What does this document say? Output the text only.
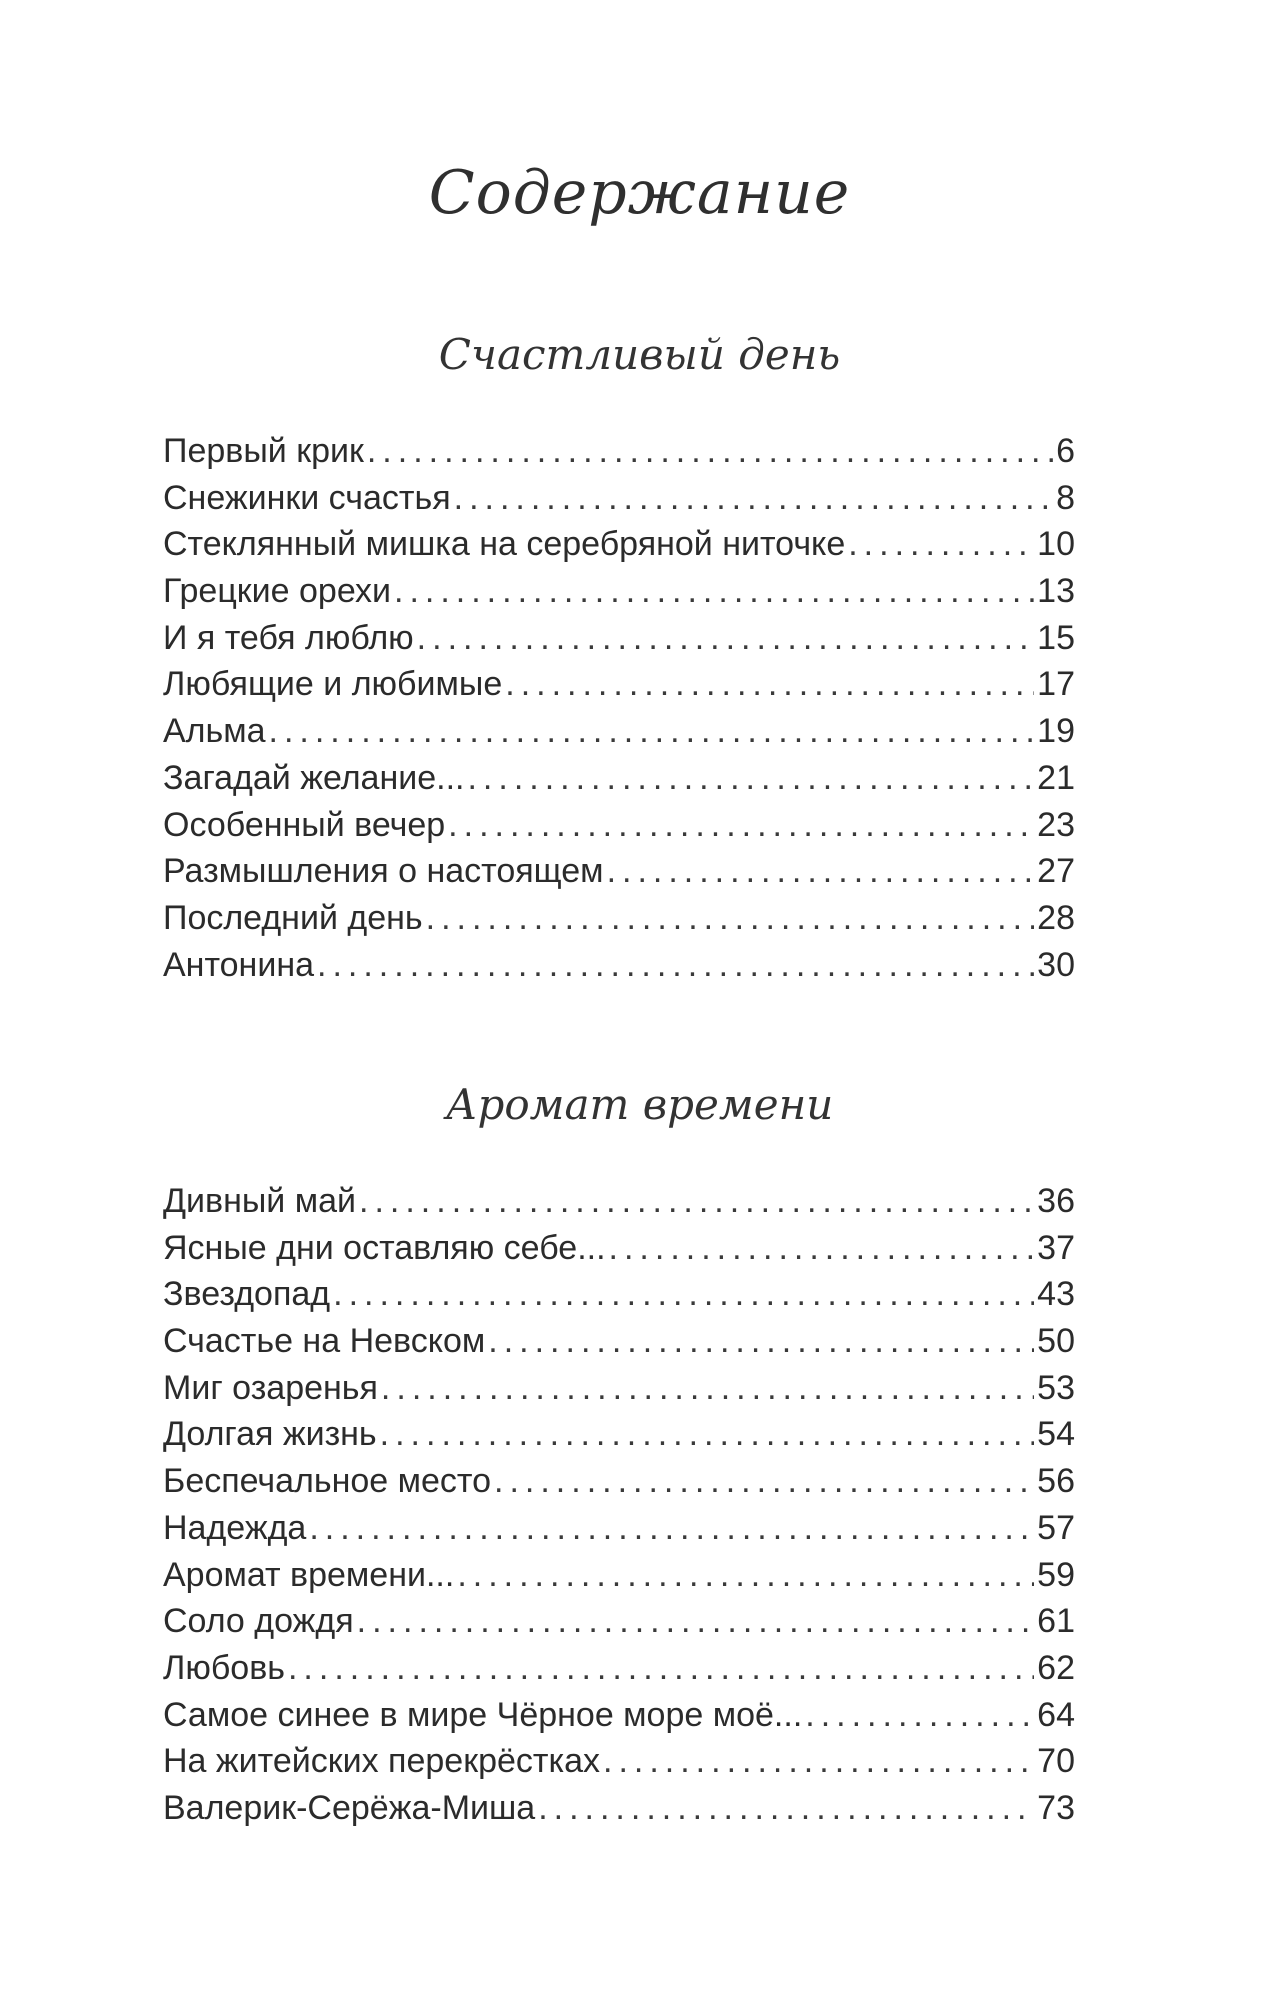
Содержание
Счастливый день
Первый крик .....	6
Снежинки счастья .....	8
Стеклянный мишка на серебряной ниточке .....	10
Грецкие орехи .....	13
И я тебя люблю .....	15
Любящие и любимые .....	17
Альма .....	19
Загадай желание... .....	21
Особенный вечер .....	23
Размышления о настоящем .....	27
Последний день .....	28
Антонина .....	30
Аромат времени
Дивный май .....	36
Ясные дни оставляю себе... .....	37
Звездопад .....	43
Счастье на Невском .....	50
Миг озаренья .....	53
Долгая жизнь .....	54
Беспечальное место .....	56
Надежда .....	57
Аромат времени... .....	59
Соло дождя .....	61
Любовь .....	62
Самое синее в мире Чёрное море моё... .....	64
На житейских перекрёстках .....	70
Валерик-Серёжа-Миша .....	73
